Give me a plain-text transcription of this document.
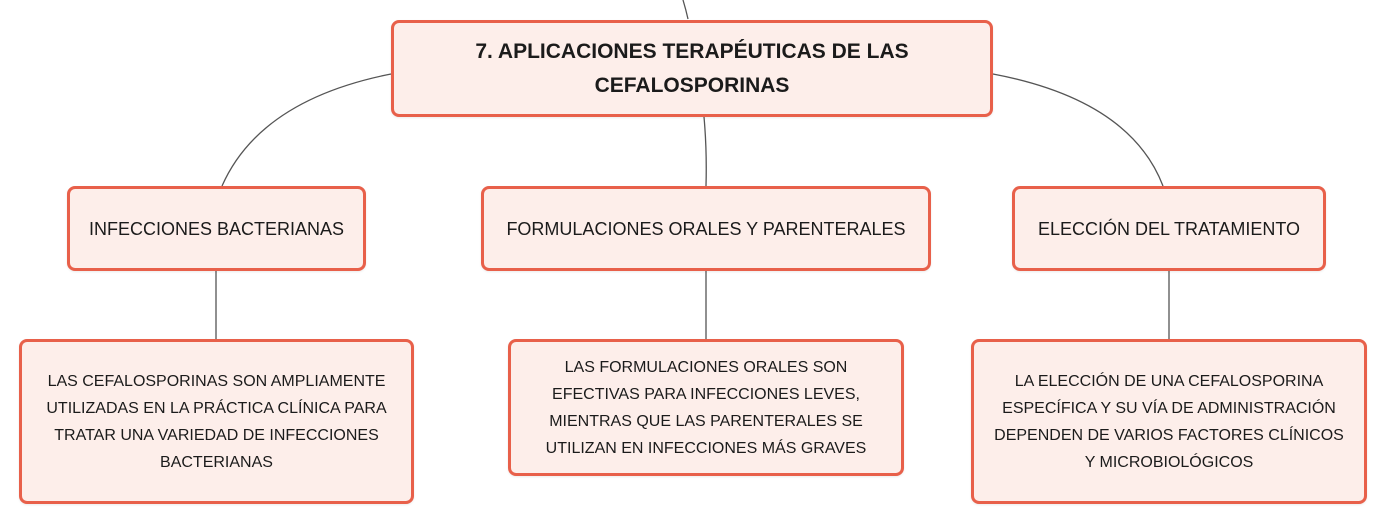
7. APLICACIONES TERAPÉUTICAS DE LAS CEFALOSPORINAS
INFECCIONES BACTERIANAS	FORMULACIONES ORALES Y PARENTERALES	ELECCIÓN DEL TRATAMIENTO
LAS CEFALOSPORINAS SON AMPLIAMENTE UTILIZADAS EN LA PRÁCTICA CLÍNICA PARA TRATAR UNA VARIEDAD DE INFECCIONES BACTERIANAS
LAS FORMULACIONES ORALES SON EFECTIVAS PARA INFECCIONES LEVES, MIENTRAS QUE LAS PARENTERALES SE UTILIZAN EN INFECCIONES MÁS GRAVES
LA ELECCIÓN DE UNA CEFALOSPORINA ESPECÍFICA Y SU VÍA DE ADMINISTRACIÓN DEPENDEN DE VARIOS FACTORES CLÍNICOS Y MICROBIOLÓGICOS
